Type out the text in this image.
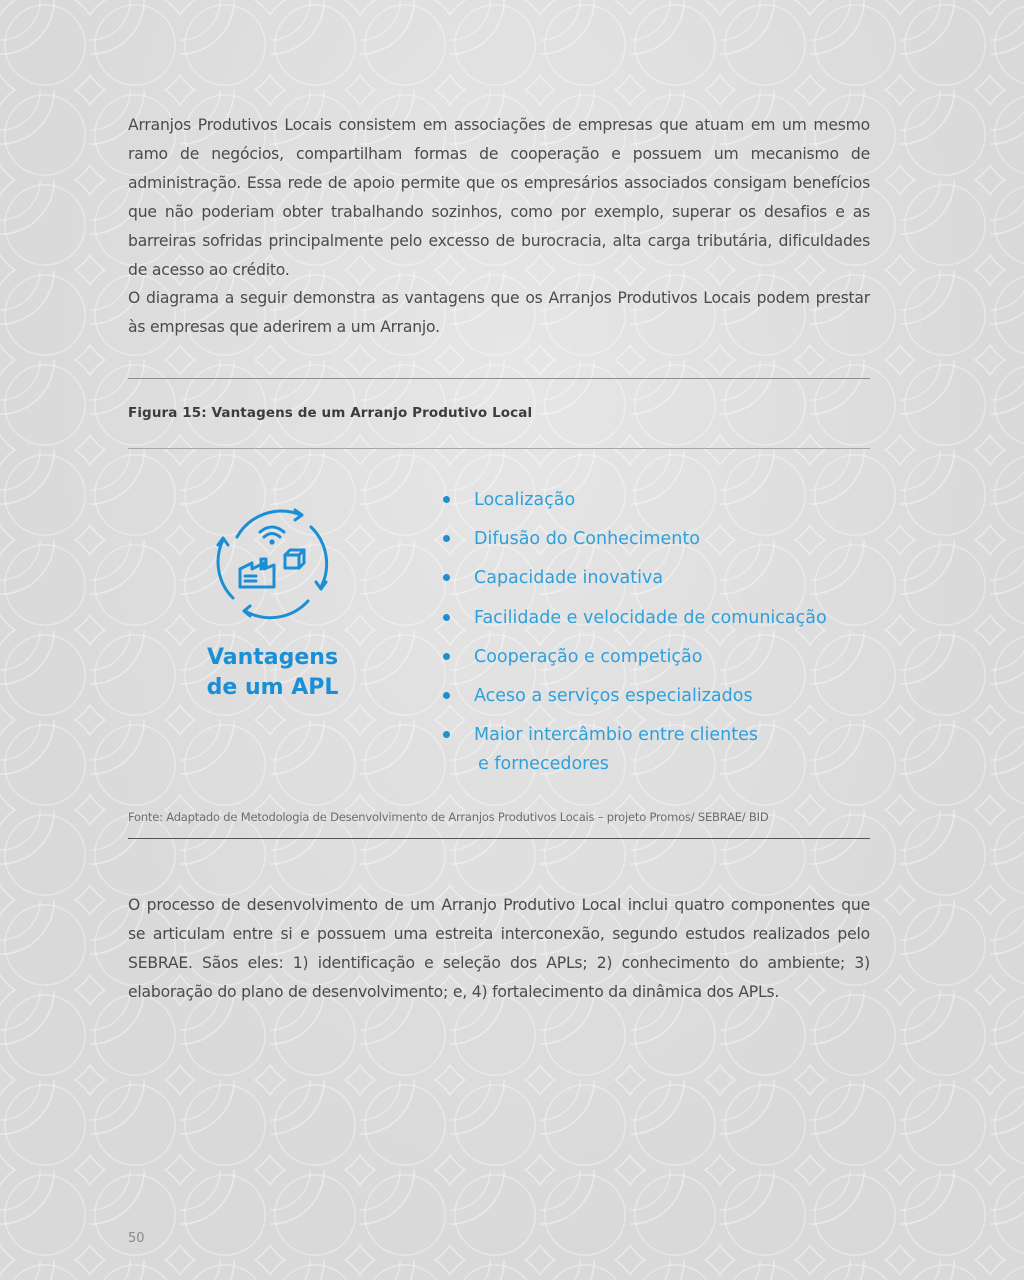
Arranjos Produtivos Locais consistem em associações de empresas que atuam em um mesmo ramo de negócios, compartilham formas de cooperação e possuem um mecanismo de administração. Essa rede de apoio permite que os empresários associados consigam benefícios que não poderiam obter trabalhando sozinhos, como por exemplo, superar os desafios e as barreiras sofridas principalmente pelo excesso de burocracia, alta carga tributária, dificuldades de acesso ao crédito.

O diagrama a seguir demonstra as vantagens que os Arranjos Produtivos Locais podem prestar às empresas que aderirem a um Arranjo.

Figura 15: Vantagens de um Arranjo Produtivo Local
Vantagens
de um APL
Localização
Difusão do Conhecimento
Capacidade inovativa
Facilidade e velocidade de comunicação
Cooperação e competição
Aceso a serviços especializados
Maior intercâmbio entre clientes
e fornecedores
Fonte: Adaptado de Metodologia de Desenvolvimento de Arranjos Produtivos Locais – projeto Promos/ SEBRAE/ BID

O processo de desenvolvimento de um Arranjo Produtivo Local inclui quatro componentes que se articulam entre si e possuem uma estreita interconexão, segundo estudos realizados pelo SEBRAE. Sãos eles: 1) identificação e seleção dos APLs; 2) conhecimento do ambiente; 3) elaboração do plano de desenvolvimento; e, 4) fortalecimento da dinâmica dos APLs.

50
